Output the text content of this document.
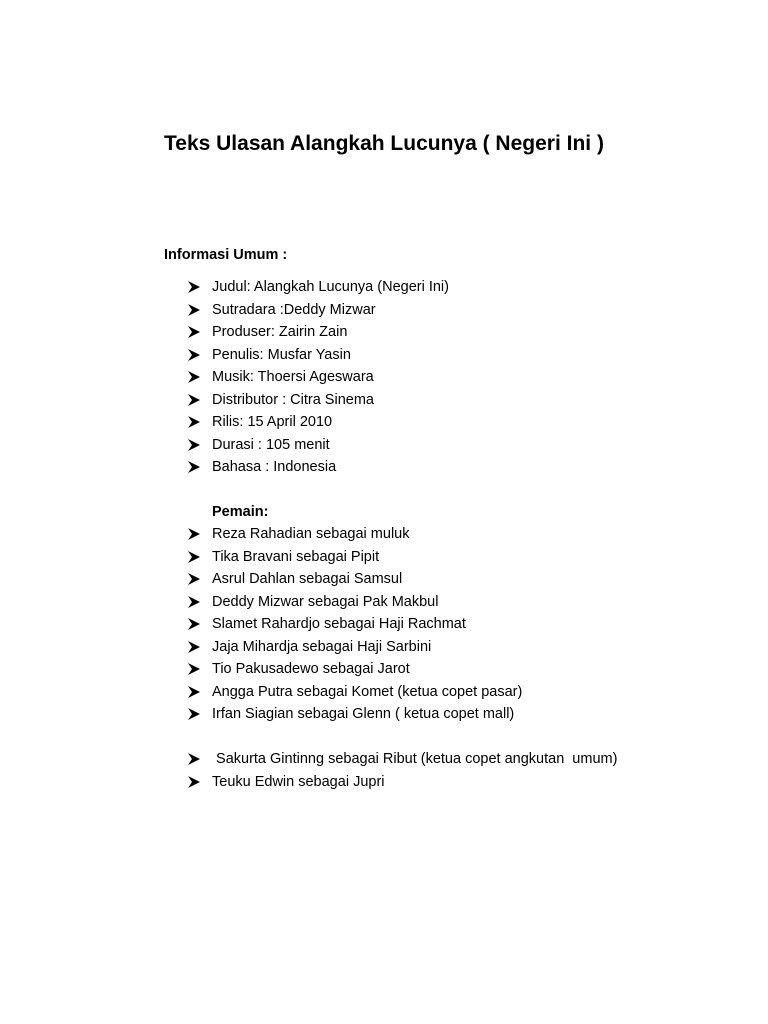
Teks Ulasan Alangkah Lucunya ( Negeri Ini )
Informasi Umum :
Judul: Alangkah Lucunya (Negeri Ini)
Sutradara :Deddy Mizwar
Produser: Zairin Zain
Penulis: Musfar Yasin
Musik: Thoersi Ageswara
Distributor : Citra Sinema
Rilis: 15 April 2010
Durasi : 105 menit
Bahasa : Indonesia
Pemain:
Reza Rahadian sebagai muluk
Tika Bravani sebagai Pipit
Asrul Dahlan sebagai Samsul
Deddy Mizwar sebagai Pak Makbul
Slamet Rahardjo sebagai Haji Rachmat
Jaja Mihardja sebagai Haji Sarbini
Tio Pakusadewo sebagai Jarot
Angga Putra sebagai Komet (ketua copet pasar)
Irfan Siagian sebagai Glenn ( ketua copet mall)
Sakurta Gintinng sebagai Ribut (ketua copet angkutan  umum)
Teuku Edwin sebagai Jupri
